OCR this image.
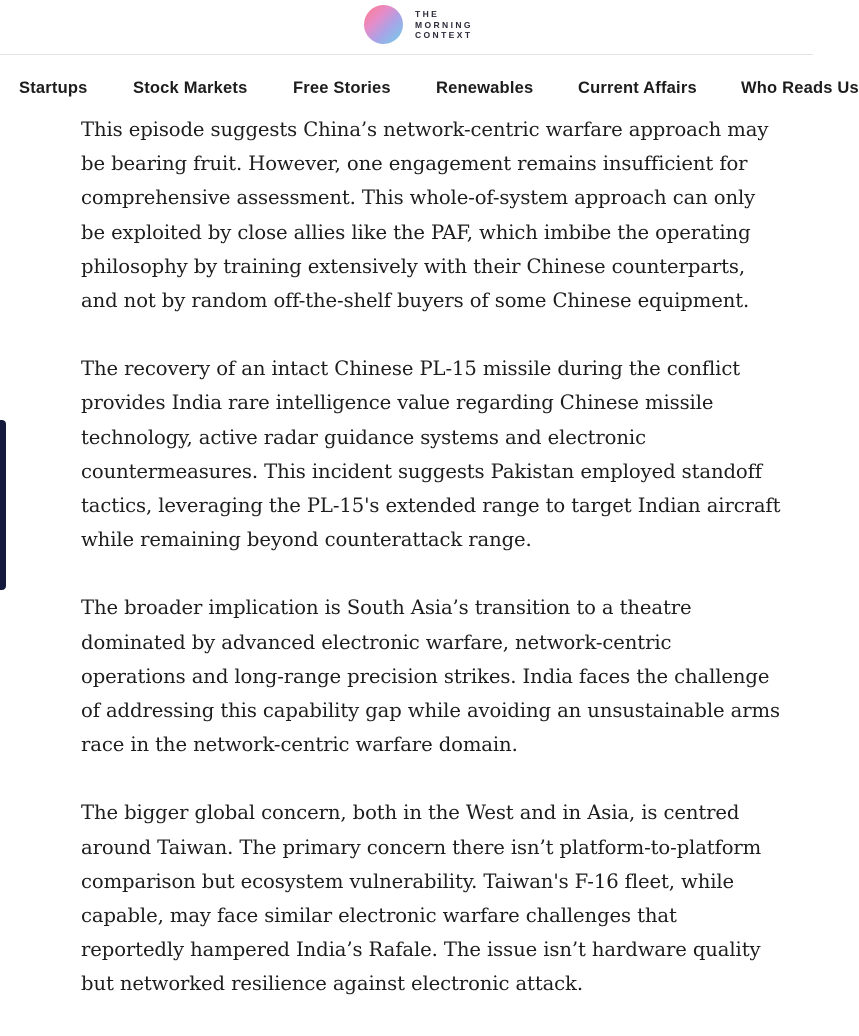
THE
MORNING
CONTEXT
Startups	Stock Markets	Free Stories	Renewables	Current Affairs	Who Reads Us

This episode suggests China’s network-centric warfare approach may be bearing fruit. However, one engagement remains insufficient for comprehensive assessment. This whole-of-system approach can only be exploited by close allies like the PAF, which imbibe the operating philosophy by training extensively with their Chinese counterparts, and not by random off-the-shelf buyers of some Chinese equipment.

The recovery of an intact Chinese PL-15 missile during the conflict provides India rare intelligence value regarding Chinese missile technology, active radar guidance systems and electronic countermeasures. This incident suggests Pakistan employed standoff tactics, leveraging the PL-15's extended range to target Indian aircraft while remaining beyond counterattack range.

The broader implication is South Asia’s transition to a theatre dominated by advanced electronic warfare, network-centric operations and long-range precision strikes. India faces the challenge of addressing this capability gap while avoiding an unsustainable arms race in the network-centric warfare domain.

The bigger global concern, both in the West and in Asia, is centred around Taiwan. The primary concern there isn’t platform-to-platform comparison but ecosystem vulnerability. Taiwan's F-16 fleet, while capable, may face similar electronic warfare challenges that reportedly hampered India’s Rafale. The issue isn’t hardware quality but networked resilience against electronic attack.
